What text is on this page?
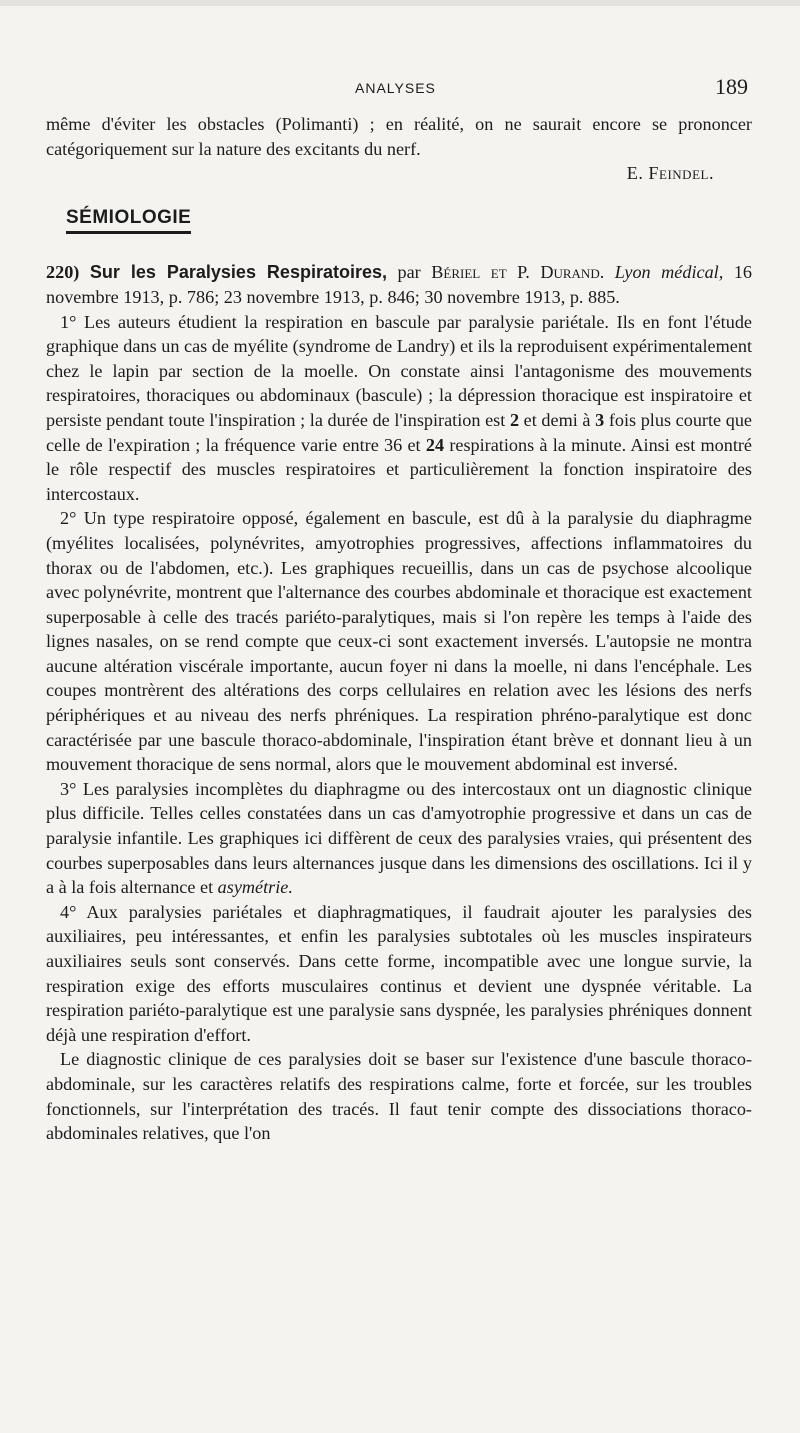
ANALYSES	189

même d'éviter les obstacles (Polimanti) ; en réalité, on ne saurait encore se prononcer catégoriquement sur la nature des excitants du nerf.

E. Feindel.

SÉMIOLOGIE

220) Sur les Paralysies Respiratoires, par Bériel et P. Durand. Lyon médical, 16 novembre 1913, p. 786; 23 novembre 1913, p. 846; 30 novembre 1913, p. 885.

1° Les auteurs étudient la respiration en bascule par paralysie pariétale. Ils en font l'étude graphique dans un cas de myélite (syndrome de Landry) et ils la reproduisent expérimentalement chez le lapin par section de la moelle. On constate ainsi l'antagonisme des mouvements respiratoires, thoraciques ou abdominaux (bascule) ; la dépression thoracique est inspiratoire et persiste pendant toute l'inspiration ; la durée de l'inspiration est 2 et demi à 3 fois plus courte que celle de l'expiration ; la fréquence varie entre 36 et 24 respirations à la minute. Ainsi est montré le rôle respectif des muscles respiratoires et particulièrement la fonction inspiratoire des intercostaux.

2° Un type respiratoire opposé, également en bascule, est dû à la paralysie du diaphragme (myélites localisées, polynévrites, amyotrophies progressives, affections inflammatoires du thorax ou de l'abdomen, etc.). Les graphiques recueillis, dans un cas de psychose alcoolique avec polynévrite, montrent que l'alternance des courbes abdominale et thoracique est exactement superposable à celle des tracés pariéto-paralytiques, mais si l'on repère les temps à l'aide des lignes nasales, on se rend compte que ceux-ci sont exactement inversés. L'autopsie ne montra aucune altération viscérale importante, aucun foyer ni dans la moelle, ni dans l'encéphale. Les coupes montrèrent des altérations des corps cellulaires en relation avec les lésions des nerfs périphériques et au niveau des nerfs phréniques. La respiration phréno-paralytique est donc caractérisée par une bascule thoraco-abdominale, l'inspiration étant brève et donnant lieu à un mouvement thoracique de sens normal, alors que le mouvement abdominal est inversé.

3° Les paralysies incomplètes du diaphragme ou des intercostaux ont un diagnostic clinique plus difficile. Telles celles constatées dans un cas d'amyotrophie progressive et dans un cas de paralysie infantile. Les graphiques ici diffèrent de ceux des paralysies vraies, qui présentent des courbes superposables dans leurs alternances jusque dans les dimensions des oscillations. Ici il y a à la fois alternance et asymétrie.

4° Aux paralysies pariétales et diaphragmatiques, il faudrait ajouter les paralysies des auxiliaires, peu intéressantes, et enfin les paralysies subtotales où les muscles inspirateurs auxiliaires seuls sont conservés. Dans cette forme, incompatible avec une longue survie, la respiration exige des efforts musculaires continus et devient une dyspnée véritable. La respiration pariéto-paralytique est une paralysie sans dyspnée, les paralysies phréniques donnent déjà une respiration d'effort.

Le diagnostic clinique de ces paralysies doit se baser sur l'existence d'une bascule thoraco-abdominale, sur les caractères relatifs des respirations calme, forte et forcée, sur les troubles fonctionnels, sur l'interprétation des tracés. Il faut tenir compte des dissociations thoraco-abdominales relatives, que l'on
